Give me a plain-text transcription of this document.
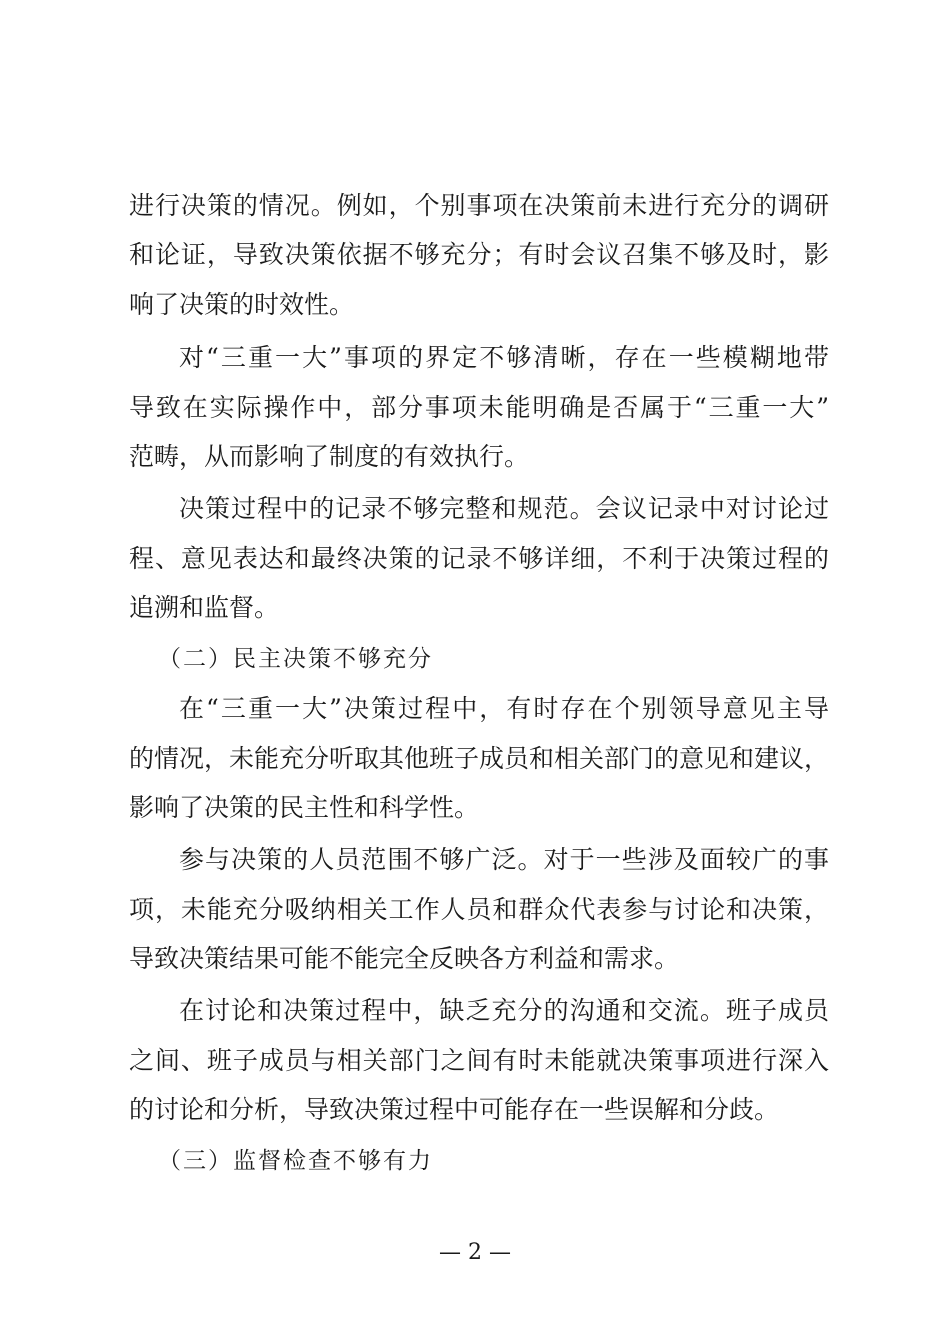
进行决策的情况。例如，个别事项在决策前未进行充分的调研
和论证，导致决策依据不够充分；有时会议召集不够及时，影
响了决策的时效性。
对“三重一大”事项的界定不够清晰，存在一些模糊地带
导致在实际操作中，部分事项未能明确是否属于“三重一大”
范畴，从而影响了制度的有效执行。
决策过程中的记录不够完整和规范。会议记录中对讨论过
程、意见表达和最终决策的记录不够详细，不利于决策过程的
追溯和监督。
（二）民主决策不够充分
在“三重一大”决策过程中，有时存在个别领导意见主导
的情况，未能充分听取其他班子成员和相关部门的意见和建议，
影响了决策的民主性和科学性。
参与决策的人员范围不够广泛。对于一些涉及面较广的事
项，未能充分吸纳相关工作人员和群众代表参与讨论和决策，
导致决策结果可能不能完全反映各方利益和需求。
在讨论和决策过程中，缺乏充分的沟通和交流。班子成员
之间、班子成员与相关部门之间有时未能就决策事项进行深入
的讨论和分析，导致决策过程中可能存在一些误解和分歧。
（三）监督检查不够有力
— 2 —
